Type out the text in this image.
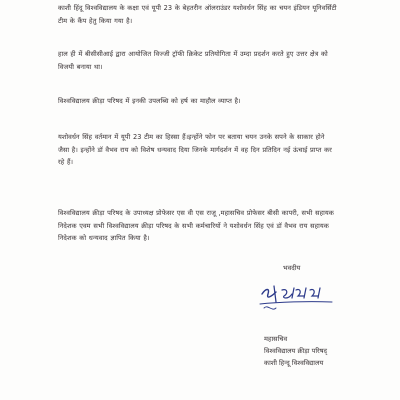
काशी हिंदू विश्वविद्यालय के कक्षा एवं यूपी 23 के बेहतरीन ऑलराउंडर यशोवर्धन सिंह का चयन इंडियन यूनिवर्सिटी
टीम के कैंप हेतु किया गया है।
हाल ही में बीसीसीआई द्वारा आयोजित विज्जी ट्रॉफी क्रिकेट प्रतियोगिता में उम्दा प्रदर्शन करते हुए उत्तर क्षेत्र को
विजयी बनाया था।
विश्वविद्यालय क्रीड़ा परिषद में इनकी उपलब्धि को हर्ष का माहौल व्याप्त है।
यशोवर्धन सिंह वर्तमान में यूपी 23 टीम का हिस्सा हैं।इन्होंने फोन पर बताया चयन उनके सपने के साकार होने
जैसा है। इन्होंने डॉ वैभव राय को विशेष धन्यवाद दिया जिनके मार्गदर्शन में वह दिन प्रतिदिन नई ऊंचाई प्राप्त कर
रहे हैं।
विश्वविद्यालय क्रीड़ा परिषद के उपाध्यक्ष प्रोफेसर एस वी एस राजू ,महासचिव प्रोफेसर बीसी कापरी, सभी सहायक
निदेशक एवम सभी विश्वविद्यालय क्रीड़ा परिषद के सभी कर्मचारियों ने यशोवर्धन सिंह एवं डॉ वैभव राय सहायक
निदेशक को धन्यवाद ज्ञापित किया है।
भवदीय
महासचिव
विश्वविद्यालय क्रीड़ा परिषद्
काशी हिन्दू विश्वविद्यालय
